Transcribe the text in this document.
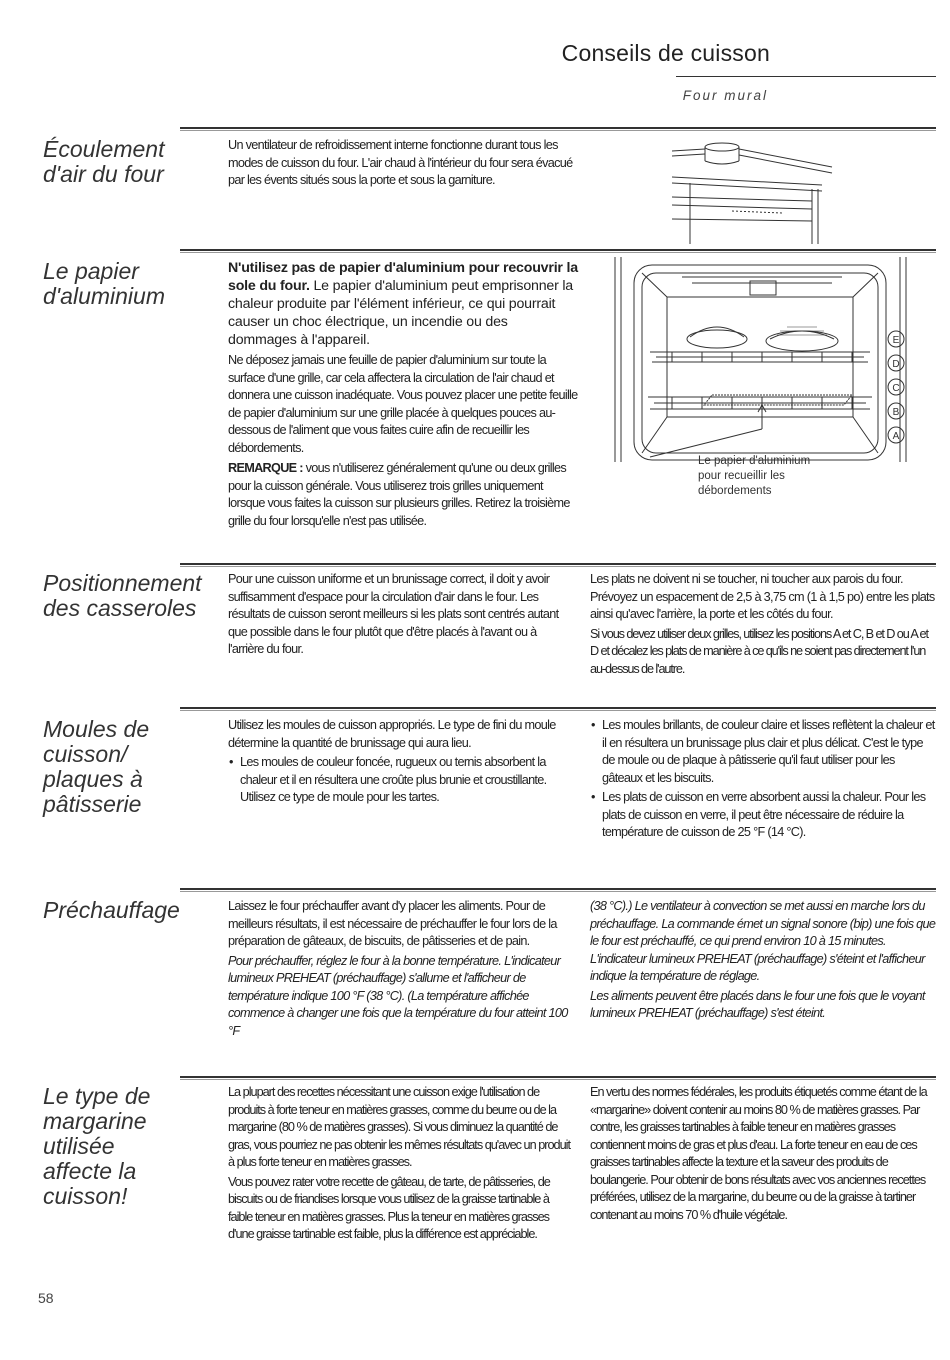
Conseils de cuisson
Four mural
Écoulement
d'air du four

Un ventilateur de refroidissement interne fonctionne durant tous les modes de cuisson du four. L'air chaud à l'intérieur du four sera évacué par les évents situés sous la porte et sous la garniture.

Le papier
d'aluminium

N'utilisez pas de papier d'aluminium pour recouvrir la sole du four. Le papier d'aluminium peut emprisonner la chaleur produite par l'élément inférieur, ce qui pourrait causer un choc électrique, un incendie ou des dommages à l'appareil.

Ne déposez jamais une feuille de papier d'aluminium sur toute la surface d'une grille, car cela affectera la circulation de l'air chaud et donnera une cuisson inadéquate. Vous pouvez placer une petite feuille de papier d'aluminium sur une grille placée à quelques pouces au-dessous de l'aliment que vous faites cuire afin de recueillir les débordements.

REMARQUE : vous n'utiliserez généralement qu'une ou deux grilles pour la cuisson générale. Vous utiliserez trois grilles uniquement lorsque vous faites la cuisson sur plusieurs grilles. Retirez la troisième grille du four lorsqu'elle n'est pas utilisée.

E
D
C
B
A
Le papier d'aluminium
pour recueillir les
débordements
Positionnement
des casseroles

Pour une cuisson uniforme et un brunissage correct, il doit y avoir suffisamment d'espace pour la circulation d'air dans le four. Les résultats de cuisson seront meilleurs si les plats sont centrés autant que possible dans le four plutôt que d'être placés à l'avant ou à l'arrière du four.

Les plats ne doivent ni se toucher, ni toucher aux parois du four. Prévoyez un espacement de 2,5 à 3,75 cm (1 à 1,5 po) entre les plats ainsi qu'avec l'arrière, la porte et les côtés du four.

Si vous devez utiliser deux grilles, utilisez les positions A et C, B et D ou A et D et décalez les plats de manière à ce qu'ils ne soient pas directement l'un au-dessus de l'autre.

Moules de
cuisson/
plaques à
pâtisserie

Utilisez les moules de cuisson appropriés. Le type de fini du moule détermine la quantité de brunissage qui aura lieu.

• Les moules de couleur foncée, rugueux ou ternis absorbent la chaleur et il en résultera une croûte plus brunie et croustillante. Utilisez ce type de moule pour les tartes.

• Les moules brillants, de couleur claire et lisses reflètent la chaleur et il en résultera un brunissage plus clair et plus délicat. C'est le type de moule ou de plaque à pâtisserie qu'il faut utiliser pour les gâteaux et les biscuits.

• Les plats de cuisson en verre absorbent aussi la chaleur. Pour les plats de cuisson en verre, il peut être nécessaire de réduire la température de cuisson de 25 °F (14 °C).

Préchauffage	Laissez le four préchauffer avant d'y placer les aliments. Pour de meilleurs résultats, il est nécessaire de préchauffer le four lors de la préparation de gâteaux, de biscuits, de pâtisseries et de pain.

Pour préchauffer, réglez le four à la bonne température. L'indicateur lumineux PREHEAT (préchauffage) s'allume et l'afficheur de température indique 100 °F (38 °C). (La température affichée commence à changer une fois que la température du four atteint 100 °F

(38 °C).) Le ventilateur à convection se met aussi en marche lors du préchauffage. La commande émet un signal sonore (bip) une fois que le four est préchauffé, ce qui prend environ 10 à 15 minutes. L'indicateur lumineux PREHEAT (préchauffage) s'éteint et l'afficheur indique la température de réglage.

Les aliments peuvent être placés dans le four une fois que le voyant lumineux PREHEAT (préchauffage) s'est éteint.

Le type de
margarine
utilisée
affecte la
cuisson!

La plupart des recettes nécessitant une cuisson exige l'utilisation de produits à forte teneur en matières grasses, comme du beurre ou de la margarine (80 % de matières grasses). Si vous diminuez la quantité de gras, vous pourriez ne pas obtenir les mêmes résultats qu'avec un produit à plus forte teneur en matières grasses.

Vous pouvez rater votre recette de gâteau, de tarte, de pâtisseries, de biscuits ou de friandises lorsque vous utilisez de la graisse tartinable à faible teneur en matières grasses. Plus la teneur en matières grasses d'une graisse tartinable est faible, plus la différence est appréciable.

En vertu des normes fédérales, les produits étiquetés comme étant de la «margarine» doivent contenir au moins 80 % de matières grasses. Par contre, les graisses tartinables à faible teneur en matières grasses contiennent moins de gras et plus d'eau. La forte teneur en eau de ces graisses tartinables affecte la texture et la saveur des produits de boulangerie. Pour obtenir de bons résultats avec vos anciennes recettes préférées, utilisez de la margarine, du beurre ou de la graisse à tartiner contenant au moins 70 % d'huile végétale.

58
